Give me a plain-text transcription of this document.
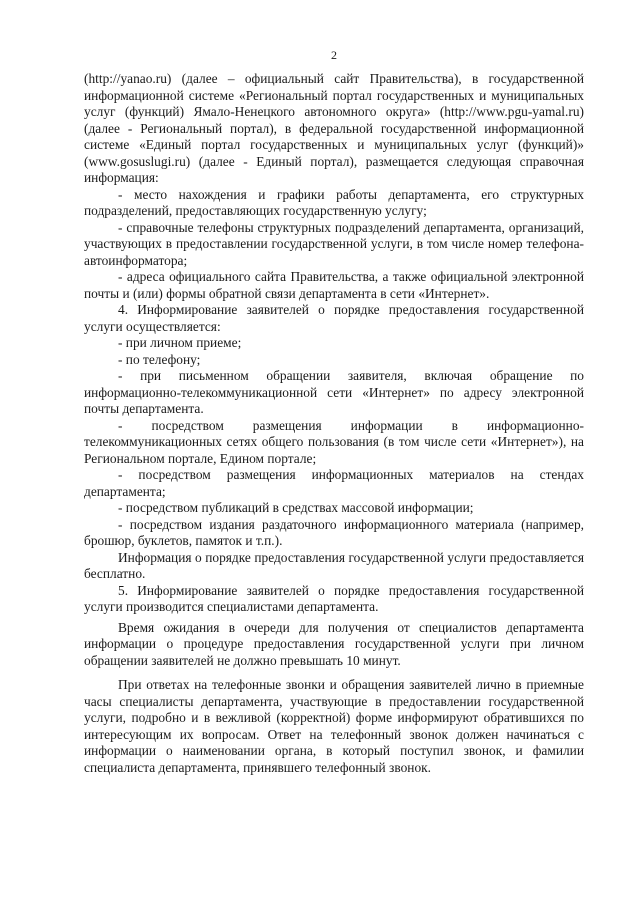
2

(http://yanao.ru) (далее – официальный сайт Правительства), в государственной информационной системе «Региональный портал государственных и муниципальных услуг (функций) Ямало-Ненецкого автономного округа» (http://www.pgu-yamal.ru) (далее - Региональный портал), в федеральной государственной информационной системе «Единый портал государственных и муниципальных услуг (функций)» (www.gosuslugi.ru) (далее - Единый портал), размещается следующая справочная информация:

- место нахождения и графики работы департамента, его структурных подразделений, предоставляющих государственную услугу;

- справочные телефоны структурных подразделений департамента, организаций, участвующих в предоставлении государственной услуги, в том числе номер телефона-автоинформатора;

- адреса официального сайта Правительства, а также официальной электронной почты и (или) формы обратной связи департамента в сети «Интернет».

4. Информирование заявителей о порядке предоставления государственной услуги осуществляется:

- при личном приеме;

- по телефону;

- при письменном обращении заявителя, включая обращение по информационно-телекоммуникационной сети «Интернет» по адресу электронной почты департамента.

- посредством размещения информации в информационно-телекоммуникационных сетях общего пользования (в том числе сети «Интернет»), на Региональном портале, Едином портале;

- посредством размещения информационных материалов на стендах департамента;

- посредством публикаций в средствах массовой информации;

- посредством издания раздаточного информационного материала (например, брошюр, буклетов, памяток и т.п.).

Информация о порядке предоставления государственной услуги предоставляется бесплатно.

5. Информирование заявителей о порядке предоставления государственной услуги производится специалистами департамента.

Время ожидания в очереди для получения от специалистов департамента информации о процедуре предоставления государственной услуги при личном обращении заявителей не должно превышать 10 минут.

При ответах на телефонные звонки и обращения заявителей лично в приемные часы специалисты департамента, участвующие в предоставлении государственной услуги, подробно и в вежливой (корректной) форме информируют обратившихся по интересующим их вопросам. Ответ на телефонный звонок должен начинаться с информации о наименовании органа, в который поступил звонок, и фамилии специалиста департамента, принявшего телефонный звонок.
